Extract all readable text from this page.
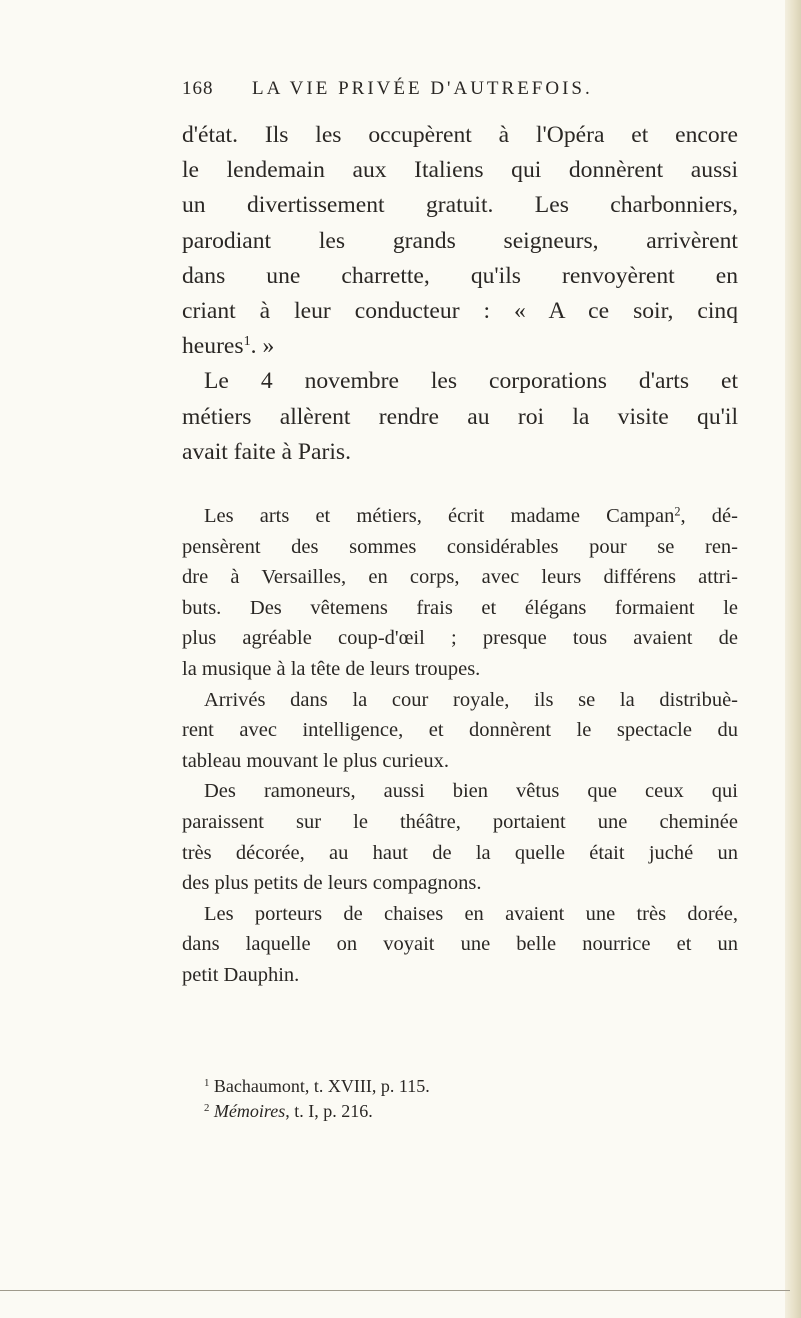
168 LA VIE PRIVÉE D'AUTREFOIS.

d'état. Ils les occupèrent à l'Opéra et encore
le lendemain aux Italiens qui donnèrent aussi
un divertissement gratuit. Les charbonniers,
parodiant les grands seigneurs, arrivèrent
dans une charrette, qu'ils renvoyèrent en
criant à leur conducteur : « A ce soir, cinq

heures$^1$. »

Le 4 novembre les corporations d'arts et
métiers allèrent rendre au roi la visite qu'il

avait faite à Paris.

Les arts et métiers, écrit madame Campan$^2$, dé-
pensèrent des sommes considérables pour se ren-
dre à Versailles, en corps, avec leurs différens attri-
buts. Des vêtemens frais et élégans formaient le
plus agréable coup-d'œil ; presque tous avaient de

la musique à la tête de leurs troupes.

Arrivés dans la cour royale, ils se la distribuè-
rent avec intelligence, et donnèrent le spectacle du

tableau mouvant le plus curieux.

Des ramoneurs, aussi bien vêtus que ceux qui
paraissent sur le théâtre, portaient une cheminée
très décorée, au haut de la quelle était juché un

des plus petits de leurs compagnons.

Les porteurs de chaises en avaient une très dorée,
dans laquelle on voyait une belle nourrice et un

petit Dauphin.

$^1$ Bachaumont, t. XVIII, p. 115.
$^2$ Mémoires, t. I, p. 216.
